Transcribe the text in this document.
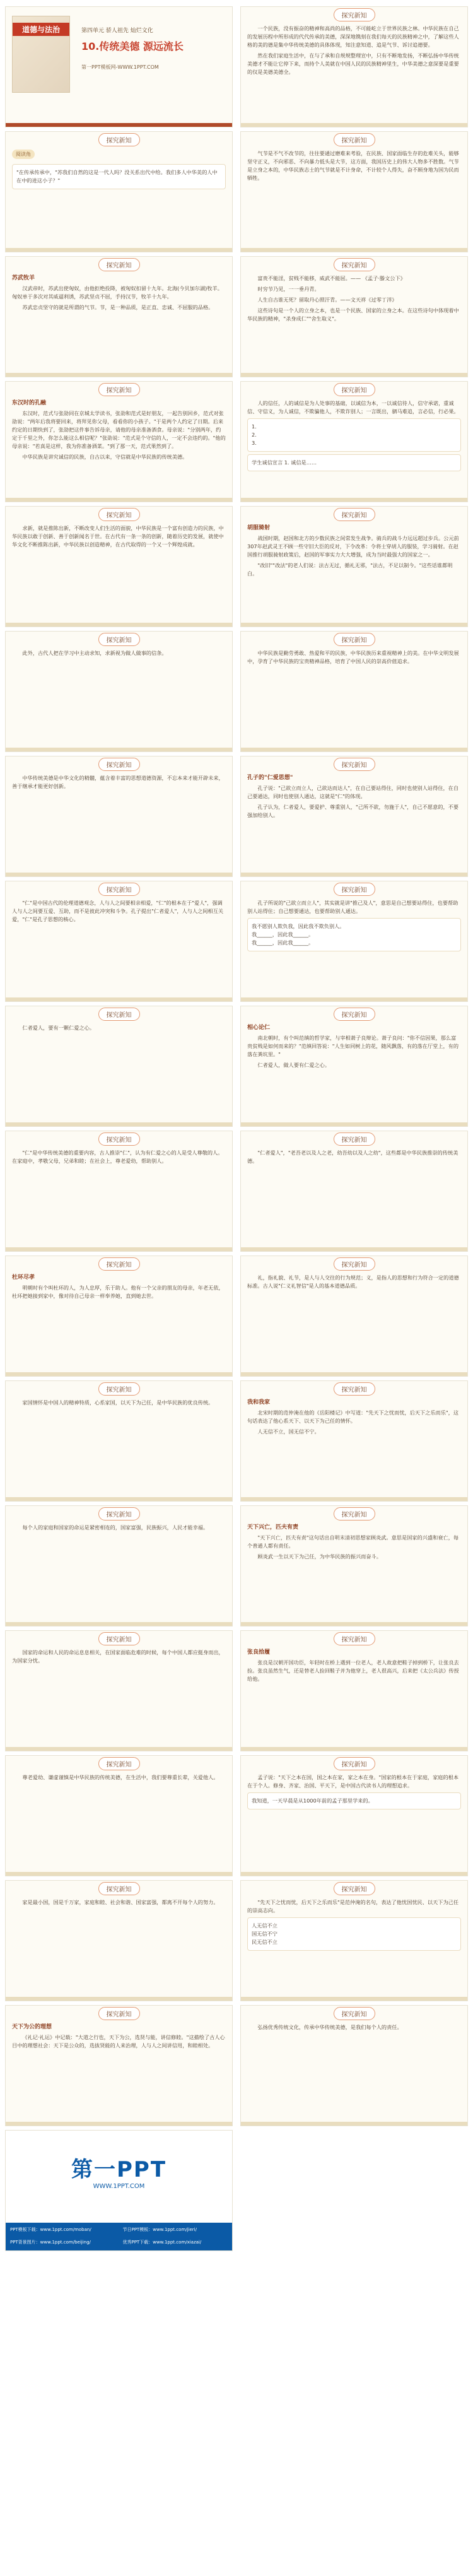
道德与法治	第四单元 骄人祖先 灿烂文化
10.传统美德 源远流长
第一PPT模板网-WWW.1PPT.COM
探究新知

一个民族，没有振奋的精神和高尚的品格，不可能屹立于世界民族之林。中华民族在自己的发展历程中所形成的代代传承的美德，深深地镌刻在我们每天的民族精神之中，了解这些人格的美的德是集中华传统美德的具体体现，知注意知道、追是气节、诉讨追德要。

然在我们家庭生活中，在与了承和自规规整理宣中，只有不断地发扬，不断弘扬中华传统美德才不能让它停下来，而持个人美就在中国人民的民族精神里生，中华美德之意深要是重要的仅是美德美德全。

探究新知
阅读角
"在传承传承中，"苏我们自然的这是一代人吗？没关系出代中给。我们多人中华美的人中在中的进这小子？"
探究新知

气节是不气不改节的，往往要通过磨难来考验，在民族、国家面临生存的危难关头，能够坚守正义，不向邪恶、不向暴力低头是大节，这方面，我国历史上的伟大人物多不胜数。气节是立身之本的，中华民族志士的气节就是不计身命，不计较个人得失，奋不顾身地为国为民而牺牲。

探究新知
苏武牧羊

汉武帝时，苏武出使匈奴，由他拒绝投降，被匈奴扣留十九年。北海(今贝加尔湖)牧羊。匈奴单于多次对其威逼利诱，苏武坚贞不屈，手持汉节，牧羊十九年。

苏武忠贞坚守的就是所谓的气节。节，是一种品质，是正直、忠诚、不屈服的品格。

探究新知

富贵不能淫，贫贱不能移，威武不能屈。—— 《孟子·滕文公下》

时穷节乃见，一一垂丹青。

人生自古谁无死？留取丹心照汗青。——文天祥《过零丁洋》

这些诗句是一个人的立身之本，也是一个民族、国家的立身之本。在这些诗句中体现着中华民族的精神，"杀身成仁""舍生取义"。

探究新知
东汉时的孔融

东汉时，范式与张劭同在京城太学读书，张劭和范式是好朋友，一起告别回乡，范式对张劭说："两年后我将要回来，将拜见你父母，看看你的小孩子。"于是两个人约定了日期。后来约定的日期快到了，张劭把这件事告诉母亲，请他的母亲准备酒食。母亲说："分别两年，约定于千里之外，你怎么能这么相信呢？"张劭说："范式是个守信的人，一定不会违约的。"他的母亲说："若真是这样，我为你准备酒菜。"到了那一天，范式果然到了。

中华民族是讲究诚信的民族，自古以来，守信就是中华民族的传统美德。

探究新知

人的信任，人的诚信是为人处事的基础，以诚信为本，一以诚信待人，信守承诺，重诚信、守信义，为人诚信，不欺骗他人，不欺诈别人；一言既出，驷马难追，言必信，行必果。

1.
2.
3.
学生诚信宣言 1. 诚信是……
探究新知

求新，就是推陈出新，不断改变人们生活的面貌，中华民族是一个富有创造力的民族，中华民族以敢于创新、善于创新闻名于世。在古代有一条一条的创新，随着历史的发展，就使中华文化不断推陈出新，中华民族以创造精神，在古代取得的一个又一个辉煌成就。

探究新知
胡服骑射

战国时期，赵国和北方的少数民族之间常发生战争。骑兵的战斗力远远超过步兵。公元前307年赵武灵王不顾一些守旧大臣的反对，下令改革：令将士穿胡人的服装，学习骑射。在赵国推行胡服骑射政策后，赵国的军事实力大大增强，成为当时最强大的国家之一。

"改旧""改法"的老人们说：法古无过，循礼无邪，"法古，不足以制今。"这些话谁都明白。

探究新知

此外，古代人把在学习中主动求知，求新视为做人做事的信条。

探究新知

中华民族是勤劳勇敢、热爱和平的民族，中华民族历来重视精神上的美。在中华文明发展中，孕育了中华民族的宝贵精神品格，培育了中国人民的崇高价值追求。

探究新知

中华传统美德是中华文化的精髓，蕴含着丰富的思想道德资源，不忘本来才能开辟未来，善于继承才能更好创新。

探究新知
孔子的"仁爱思想"

孔子说："己欲立而立人，己欲达而达人"，在自己要站得住，同时也使别人站得住，在自己要通达，同时也使别人通达，这就是"仁"的体现。

孔子认为，仁者爱人，要爱护、尊重别人，"己所不欲，勿施于人"，自己不愿意的，不要强加给别人。

探究新知

"仁"是中国古代的伦理道德观念，人与人之间要相亲相爱，"仁"的根本在于"爱人"，强调人与人之间要互爱、互助，而不是彼此冲突和斗争。孔子提出"仁者爱人"，人与人之间相互关爱，"仁"是孔子思想的核心。

探究新知

孔子所说的"己欲立而立人"，其实就是讲"推己及人"，意思是自己想要站得住，也要帮助别人站得住；自己想要通达，也要帮助别人通达。

我不愿别人欺负我，因此我不欺负别人。
我______，因此我______。
我______，因此我______。
探究新知

仁者爱人，要有一颗仁爱之心。

探究新知
相心论仁

南北朝时，有个叫范缜的哲学家，与宰相萧子良辩论。萧子良问："你不信因果，那么富贵贫贱是如何而来的？"范缜回答说："人生如同树上的花，随风飘落，有的落在厅堂上，有的落在粪坑里。"

仁者爱人，做人要有仁爱之心。

探究新知

"仁"是中华传统美德的重要内容，古人推崇"仁"，认为有仁爱之心的人是受人尊敬的人。在家庭中，孝敬父母，兄弟和睦；在社会上，尊老爱幼，帮助别人。

探究新知

"仁者爱人"，"老吾老以及人之老，幼吾幼以及人之幼"，这些都是中华民族推崇的传统美德。

探究新知
杜环尽孝

明朝时有个叫杜环的人，为人忠厚，乐于助人。他有一个父亲的朋友的母亲，年老无依，杜环把她接到家中，像对待自己母亲一样奉养她，直到她去世。

探究新知

礼，指礼貌、礼节，是人与人交往的行为规范；义，是指人的思想和行为符合一定的道德标准。古人说"仁义礼智信"是人的基本道德品质。

探究新知

家国情怀是中国人的精神特质，心系家国，以天下为己任，是中华民族的优良传统。

探究新知
我和我家

北宋时期的范仲淹在他的《岳阳楼记》中写道："先天下之忧而忧，后天下之乐而乐"，这句话表达了他心系天下、以天下为己任的情怀。

人无信不立，国无信不宁。

探究新知

每个人的家庭和国家的命运是紧密相连的，国家富强，民族振兴，人民才能幸福。

探究新知
天下兴亡，匹夫有责

"天下兴亡，匹夫有责"这句话出自明末清初思想家顾炎武。意思是国家的兴盛和衰亡，每个普通人都有责任。

顾炎武一生以天下为己任，为中华民族的振兴而奋斗。

探究新知

国家的命运和人民的命运息息相关，在国家面临危难的时候，每个中国人都应挺身而出，为国家分忧。

探究新知
张良拾履

张良是汉朝开国功臣，年轻时在桥上遇到一位老人，老人故意把鞋子掉到桥下，让张良去捡。张良虽然生气，还是替老人捡回鞋子并为他穿上，老人很高兴，后来把《太公兵法》传授给他。

探究新知

尊老爱幼、谦虚谨慎是中华民族的传统美德，在生活中，我们要尊重长辈，关爱他人。

探究新知

孟子说："天下之本在国，国之本在家，家之本在身。"国家的根本在于家庭，家庭的根本在于个人。修身、齐家、治国、平天下，是中国古代读书人的理想追求。

我知道，一天早晨是从1000年前的孟子那里学来的。
探究新知

家是最小国，国是千万家，家庭和睦、社会和谐、国家富强，都离不开每个人的努力。

探究新知

"先天下之忧而忧，后天下之乐而乐"是范仲淹的名句，表达了他忧国忧民、以天下为己任的崇高志向。

人无信不立
国无信不宁
民无信不立
探究新知
天下为公的理想

《礼记·礼运》中记载："大道之行也，天下为公，选贤与能，讲信修睦。"这描绘了古人心目中的理想社会：天下是公众的，选拔贤能的人来治理，人与人之间讲信用，和睦相处。

探究新知

弘扬优秀传统文化，传承中华传统美德，是我们每个人的责任。

第一PPT
WWW.1PPT.COM
PPT模板下载：www.1ppt.com/moban/	节日PPT模板：www.1ppt.com/jieri/
PPT背景图片：www.1ppt.com/beijing/	优秀PPT下载：www.1ppt.com/xiazai/
Word教程：www.1ppt.com/word/	资料下载：www.1ppt.com/ziliao/
